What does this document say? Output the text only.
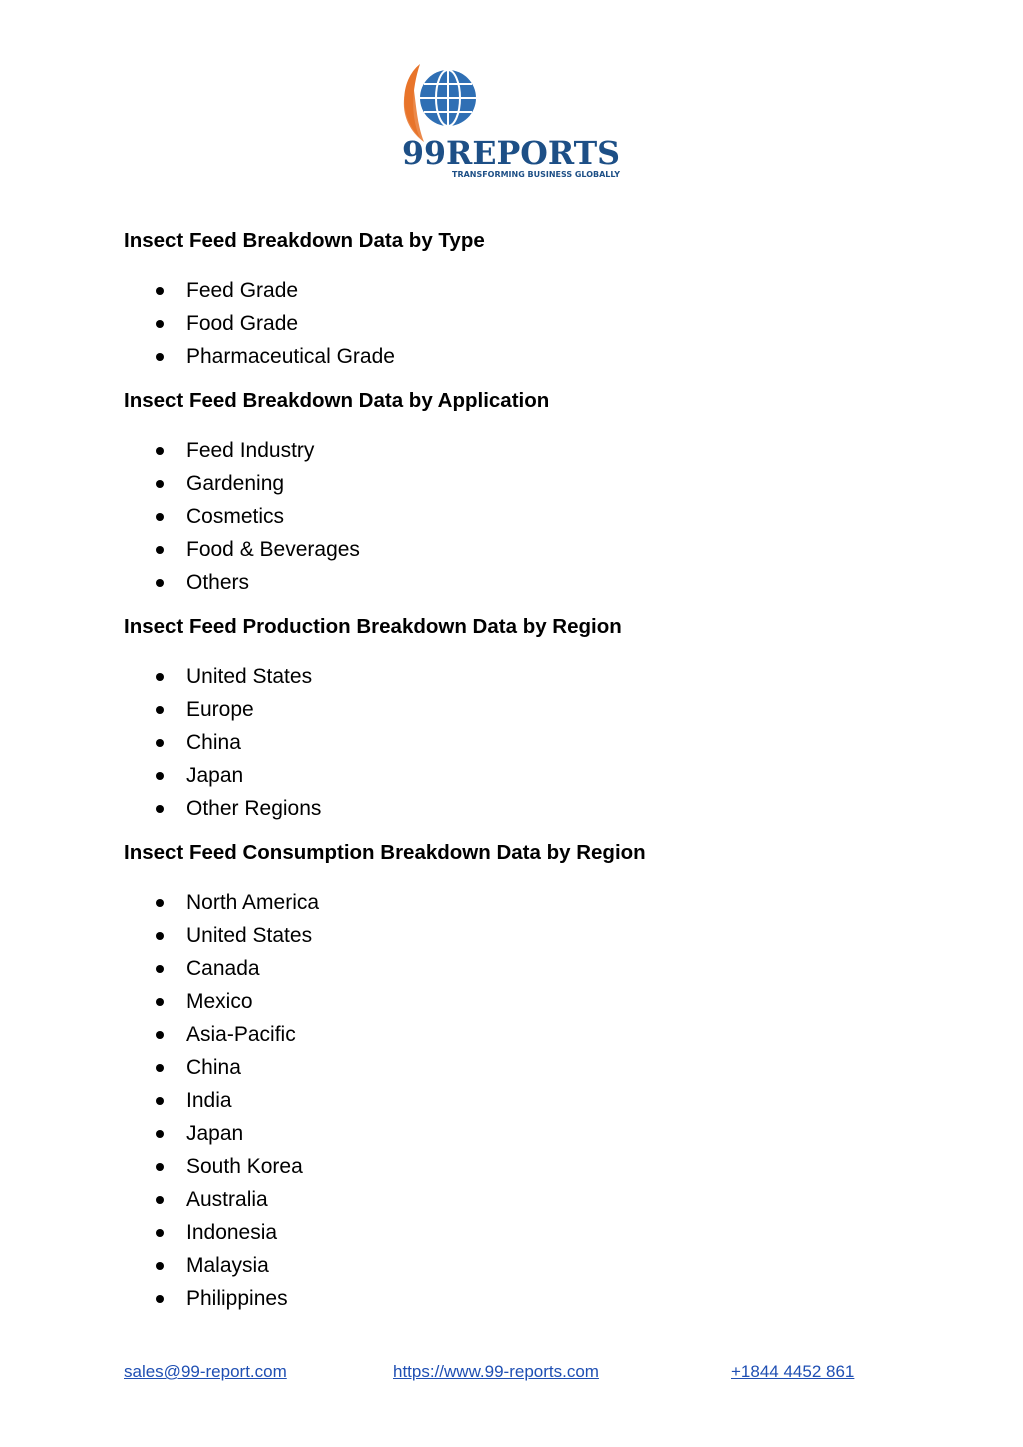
99REPORTS
TRANSFORMING BUSINESS GLOBALLY
Insect Feed Breakdown Data by Type
Feed Grade
Food Grade
Pharmaceutical Grade
Insect Feed Breakdown Data by Application
Feed Industry
Gardening
Cosmetics
Food & Beverages
Others
Insect Feed Production Breakdown Data by Region
United States
Europe
China
Japan
Other Regions
Insect Feed Consumption Breakdown Data by Region
North America
United States
Canada
Mexico
Asia-Pacific
China
India
Japan
South Korea
Australia
Indonesia
Malaysia
Philippines
sales@99-report.com	https://www.99-reports.com	+1844 4452 861
